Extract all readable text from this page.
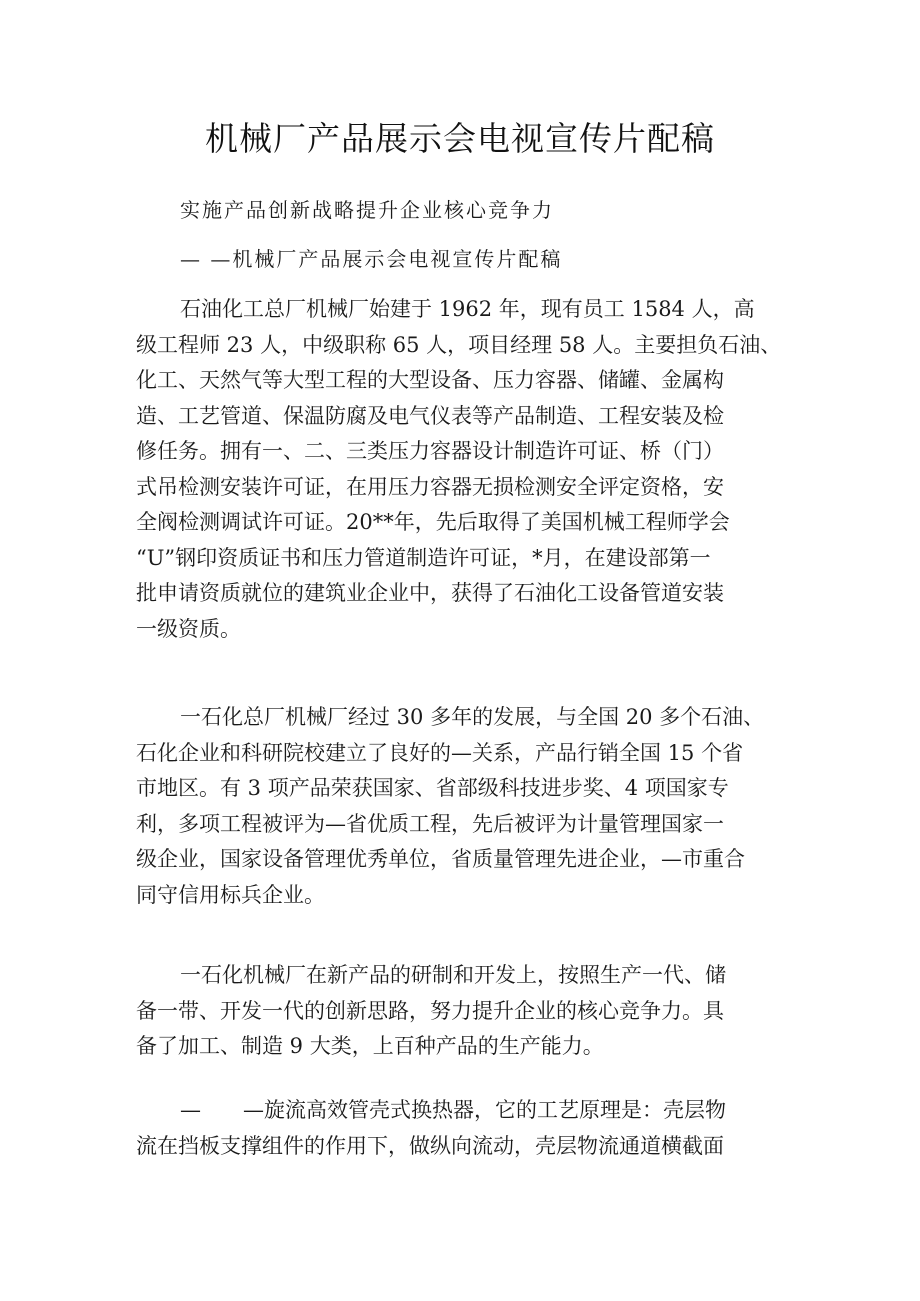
机械厂产品展示会电视宣传片配稿
实施产品创新战略提升企业核心竞争力
— —机械厂产品展示会电视宣传片配稿
石油化工总厂机械厂始建于 1962 年，现有员工 1584 人，高
级工程师 23 人，中级职称 65 人，项目经理 58 人。主要担负石油、
化工、天然气等大型工程的大型设备、压力容器、储罐、金属构
造、工艺管道、保温防腐及电气仪表等产品制造、工程安装及检
修任务。拥有一、二、三类压力容器设计制造许可证、桥（门）
式吊检测安装许可证，在用压力容器无损检测安全评定资格，安
全阀检测调试许可证。20**年，先后取得了美国机械工程师学会
“U”钢印资质证书和压力管道制造许可证，*月，在建设部第一
批申请资质就位的建筑业企业中，获得了石油化工设备管道安装
一级资质。
一石化总厂机械厂经过 30 多年的发展，与全国 20 多个石油、
石化企业和科研院校建立了良好的—关系，产品行销全国 15 个省
市地区。有 3 项产品荣获国家、省部级科技进步奖、4 项国家专
利，多项工程被评为—省优质工程，先后被评为计量管理国家一
级企业，国家设备管理优秀单位，省质量管理先进企业，—市重合
同守信用标兵企业。
一石化机械厂在新产品的研制和开发上，按照生产一代、储
备一带、开发一代的创新思路，努力提升企业的核心竞争力。具
备了加工、制造 9 大类，上百种产品的生产能力。
—　　—旋流高效管壳式换热器，它的工艺原理是：壳层物
流在挡板支撑组件的作用下，做纵向流动，壳层物流通道横截面
